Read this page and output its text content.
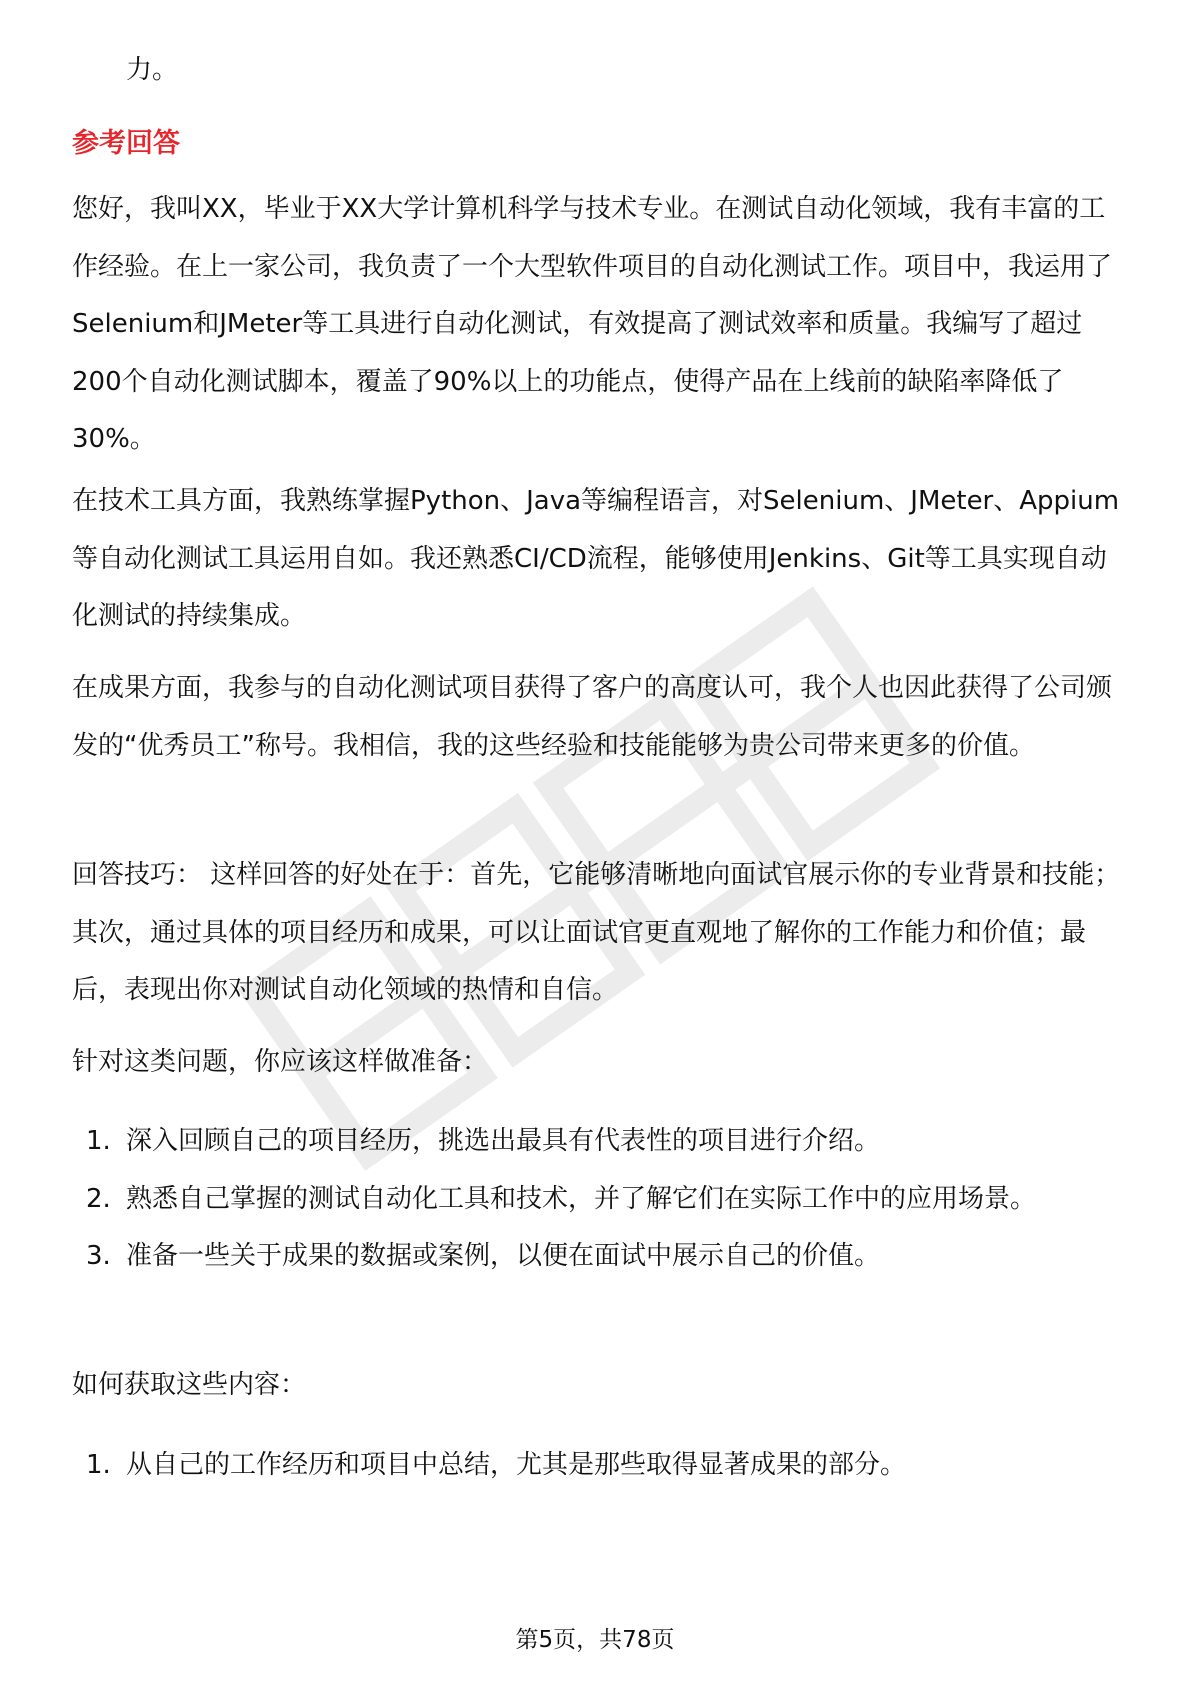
力。

参考回答

您好，我叫XX，毕业于XX大学计算机科学与技术专业。在测试自动化领域，我有丰富的工作经验。在上一家公司，我负责了一个大型软件项目的自动化测试工作。项目中，我运用了Selenium和JMeter等工具进行自动化测试，有效提高了测试效率和质量。我编写了超过200个自动化测试脚本，覆盖了90%以上的功能点，使得产品在上线前的缺陷率降低了30%。

在技术工具方面，我熟练掌握Python、Java等编程语言，对Selenium、JMeter、Appium等自动化测试工具运用自如。我还熟悉CI/CD流程，能够使用Jenkins、Git等工具实现自动化测试的持续集成。

在成果方面，我参与的自动化测试项目获得了客户的高度认可，我个人也因此获得了公司颁发的“优秀员工”称号。我相信，我的这些经验和技能能够为贵公司带来更多的价值。

回答技巧： 这样回答的好处在于：首先，它能够清晰地向面试官展示你的专业背景和技能；其次，通过具体的项目经历和成果，可以让面试官更直观地了解你的工作能力和价值；最后，表现出你对测试自动化领域的热情和自信。

针对这类问题，你应该这样做准备：

1. 深入回顾自己的项目经历，挑选出最具有代表性的项目进行介绍。
2. 熟悉自己掌握的测试自动化工具和技术，并了解它们在实际工作中的应用场景。
3. 准备一些关于成果的数据或案例，以便在面试中展示自己的价值。

如何获取这些内容：

1. 从自己的工作经历和项目中总结，尤其是那些取得显著成果的部分。
第5页，共78页
